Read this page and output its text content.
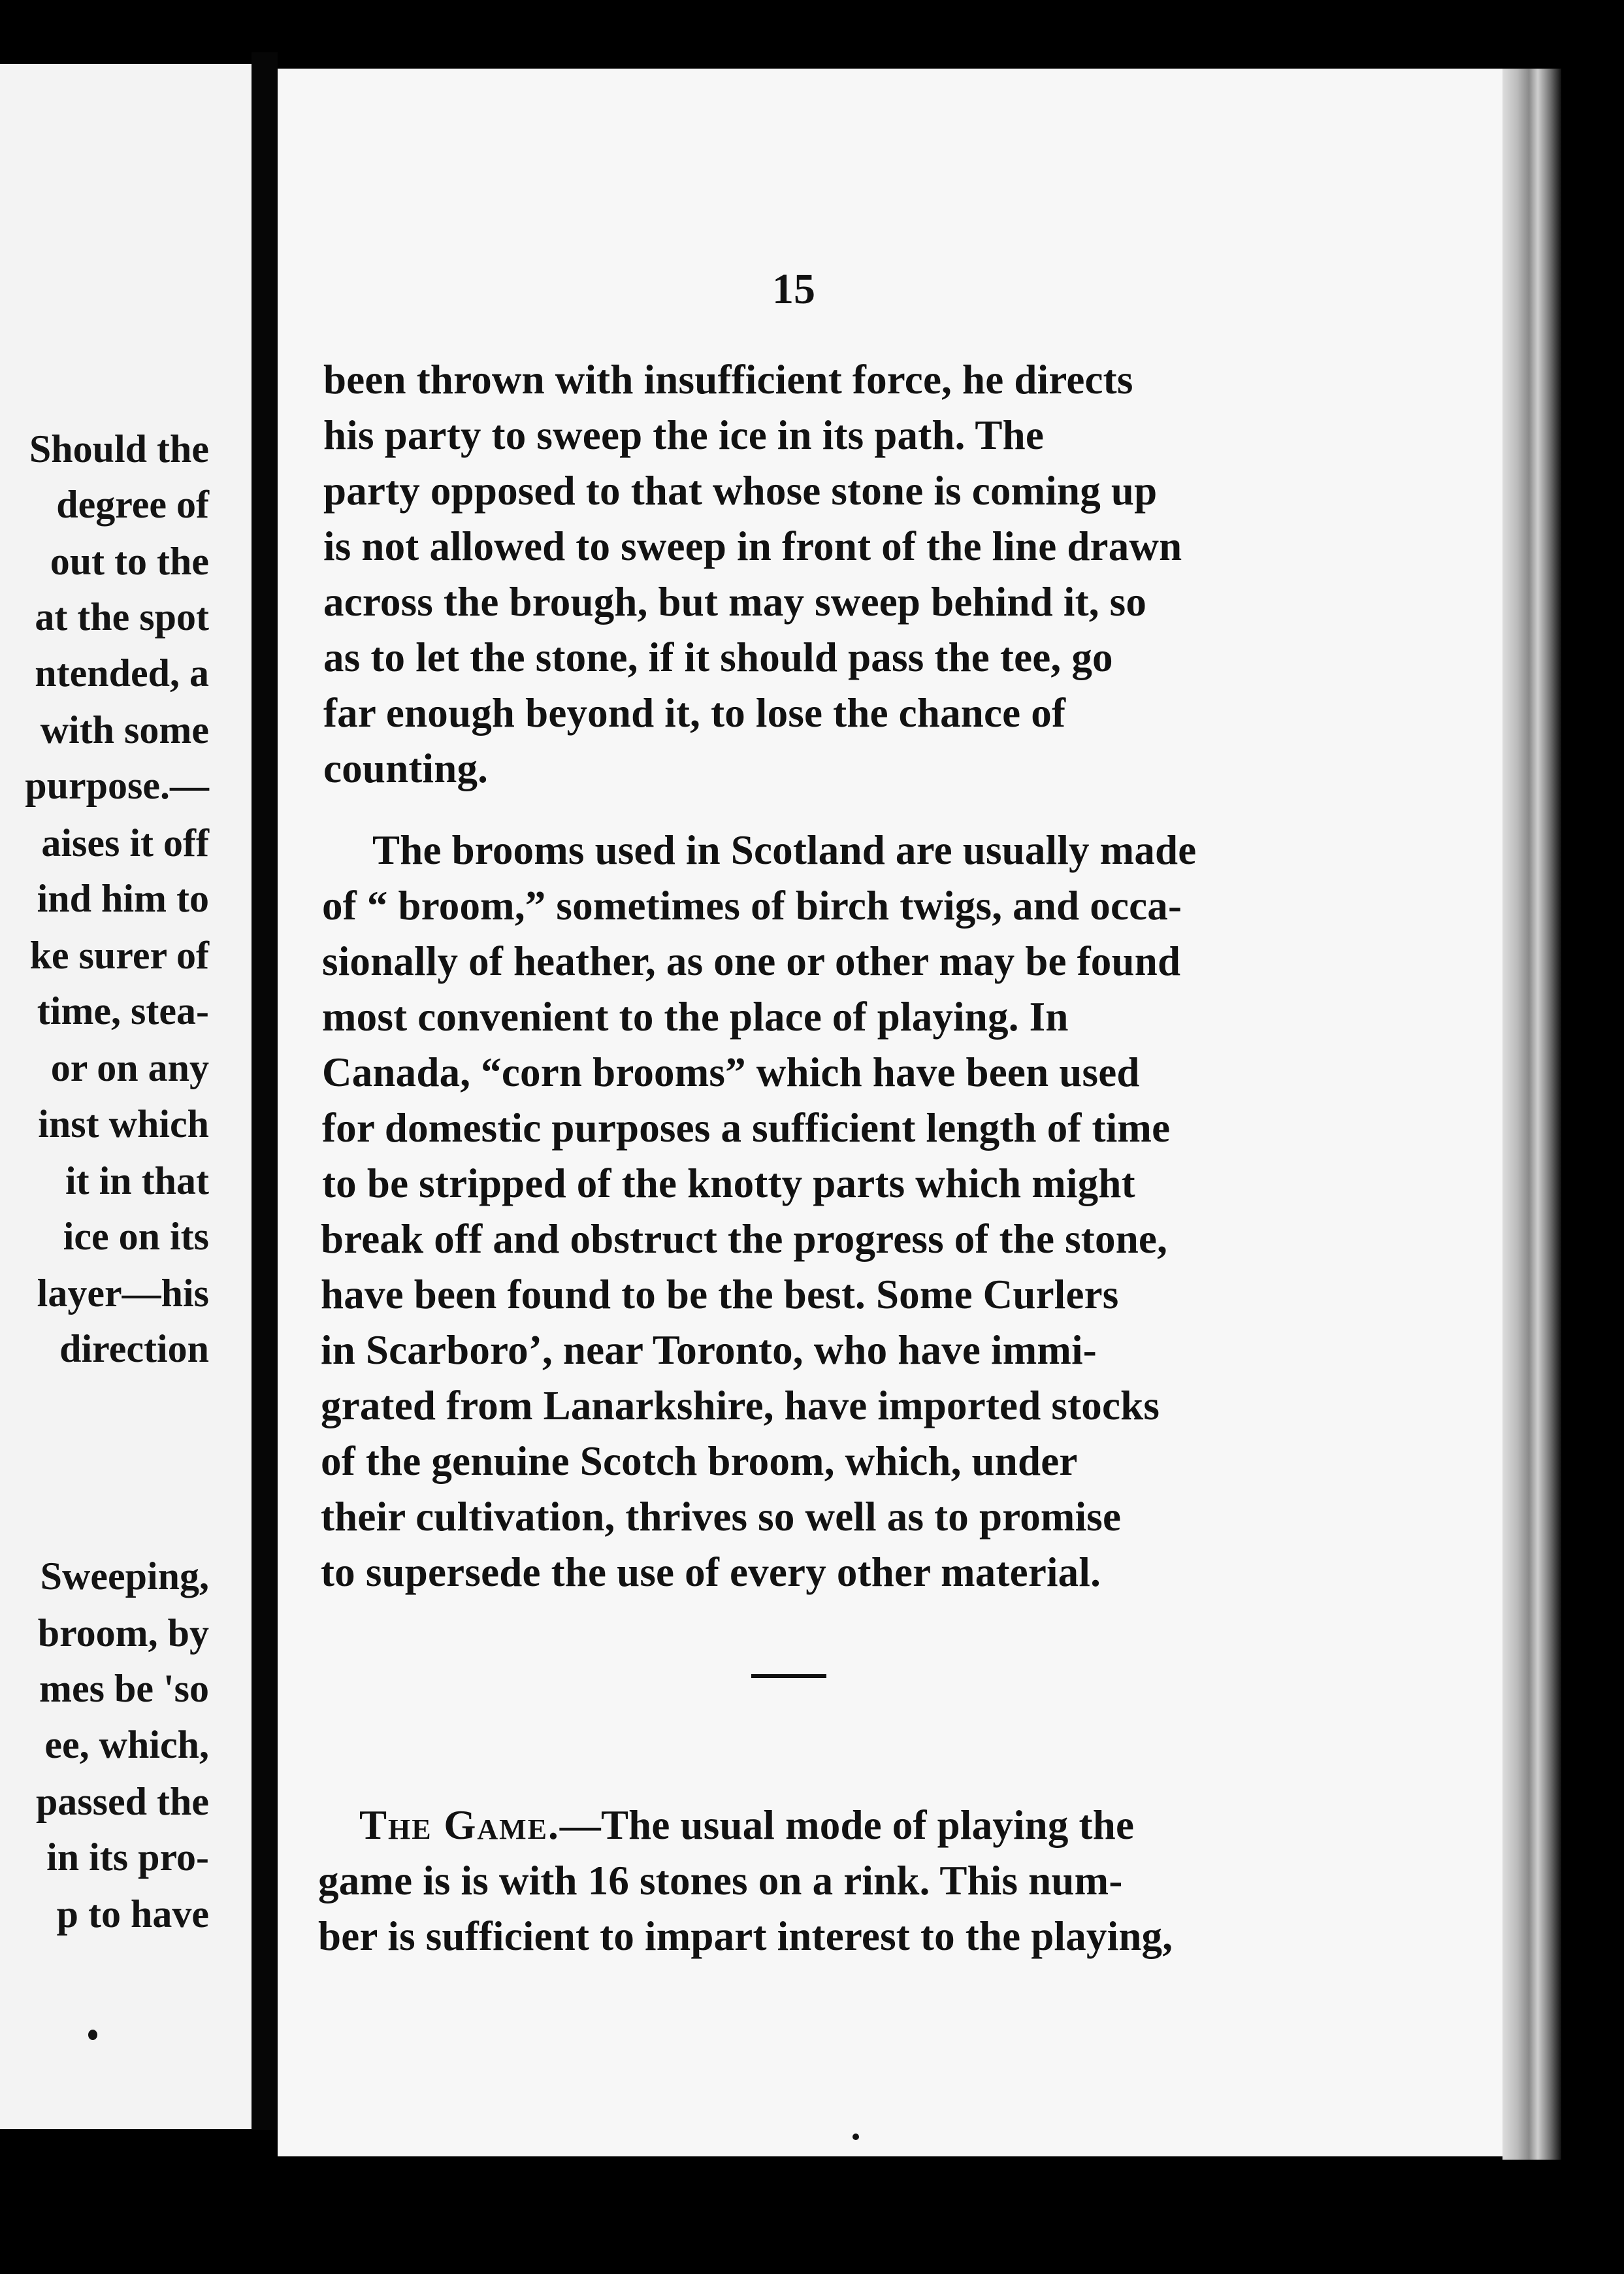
Should the
degree of
out to the
at the spot
ntended, a
with some
purpose.—
aises it off
ind him to
ke surer of
time, stea-
or on any
inst which
it in that
ice on its
layer—his
direction
Sweeping,
broom, by
mes be 'so
ee, which,
passed the
in its pro-
p to have
15
been thrown with insufficient force, he directs
his party to sweep the ice in its path. The
party opposed to that whose stone is coming up
is not allowed to sweep in front of the line drawn
across the brough, but may sweep behind it, so
as to let the stone, if it should pass the tee, go
far enough beyond it, to lose the chance of
counting.
The brooms used in Scotland are usually made
of “ broom,” sometimes of birch twigs, and occa-
sionally of heather, as one or other may be found
most convenient to the place of playing. In
Canada, “corn brooms” which have been used
for domestic purposes a sufficient length of time
to be stripped of the knotty parts which might
break off and obstruct the progress of the stone,
have been found to be the best. Some Curlers
in Scarboro’, near Toronto, who have immi-
grated from Lanarkshire, have imported stocks
of the genuine Scotch broom, which, under
their cultivation, thrives so well as to promise
to supersede the use of every other material.
The Game.—The usual mode of playing the
game is is with 16 stones on a rink. This num-
ber is sufficient to impart interest to the playing,
